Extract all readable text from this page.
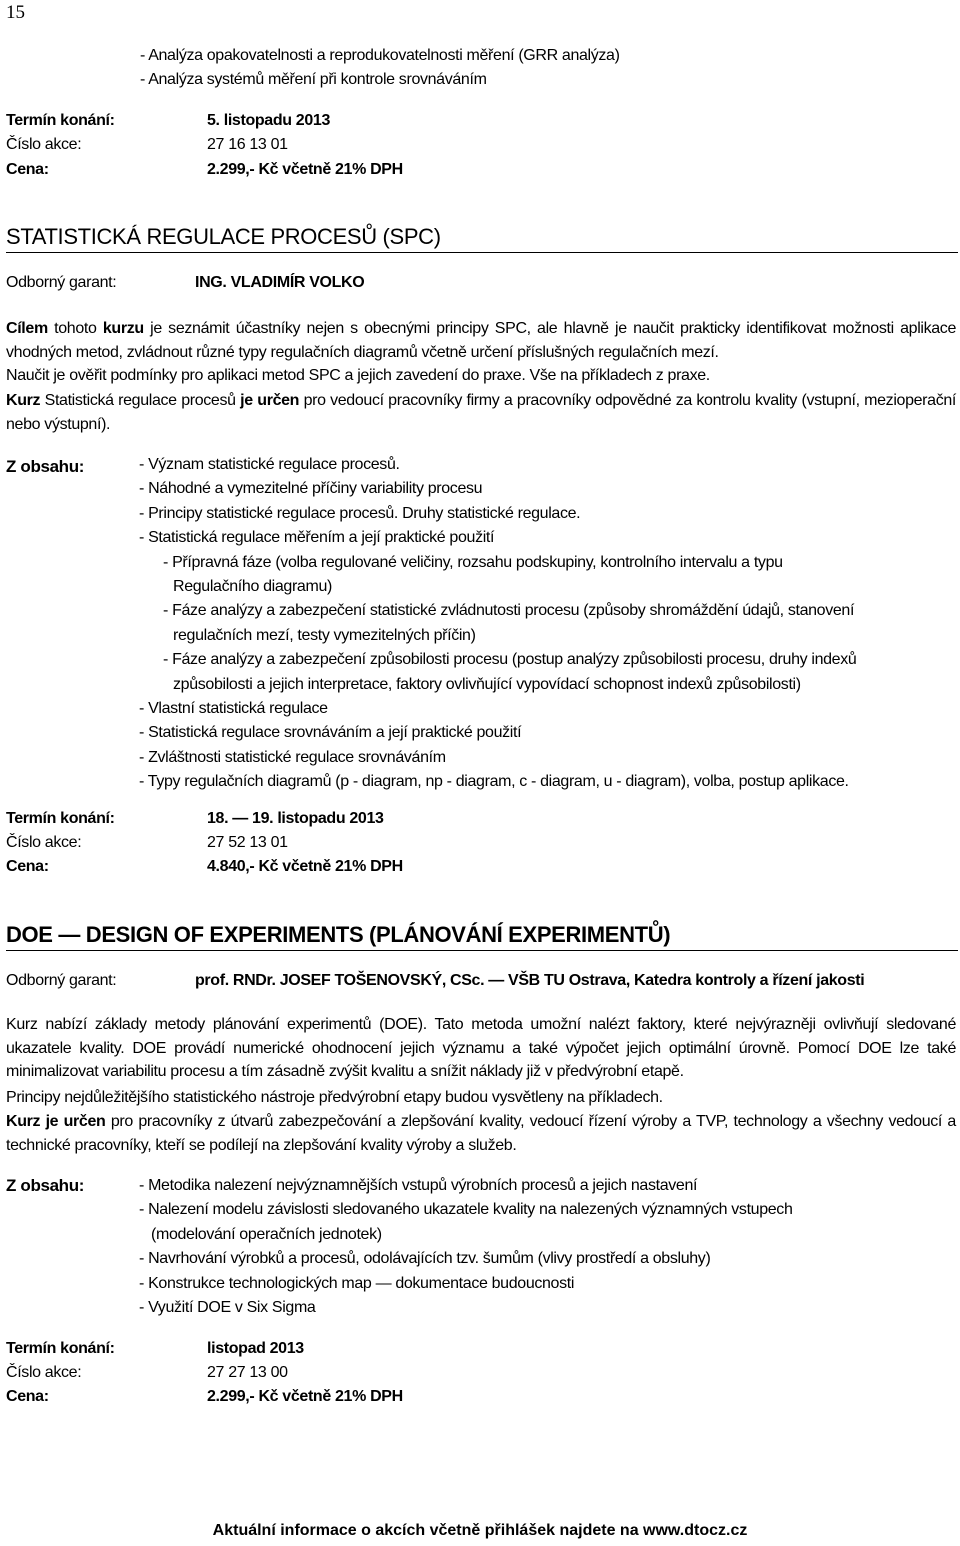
15
- Analýza opakovatelnosti a reprodukovatelnosti měření (GRR analýza)
- Analýza systémů měření při kontrole srovnáváním
Termín konání:	5. listopadu 2013
Číslo akce:	27 16 13 01
Cena:	2.299,- Kč včetně 21% DPH
STATISTICKÁ REGULACE PROCESŮ (SPC)
Odborný garant:	ING. VLADIMÍR VOLKO
Cílem tohoto kurzu je seznámit účastníky nejen s obecnými principy SPC, ale hlavně je naučit prakticky identifikovat možnosti aplikace vhodných metod, zvládnout různé typy regulačních diagramů včetně určení příslušných regulačních mezí.
Naučit je ověřit podmínky pro aplikaci metod SPC a jejich zavedení do praxe. Vše na příkladech z praxe.
Kurz Statistická regulace procesů je určen pro vedoucí pracovníky firmy a pracovníky odpovědné za kontrolu kvality (vstupní, mezioperační nebo výstupní).
Z obsahu:	- Význam statistické regulace procesů.
- Náhodné a vymezitelné příčiny variability procesu
- Principy statistické regulace procesů. Druhy statistické regulace.
- Statistická regulace měřením a její praktické použití
- Přípravná fáze (volba regulované veličiny, rozsahu podskupiny, kontrolního intervalu a typu
Regulačního diagramu)
- Fáze analýzy a zabezpečení statistické zvládnutosti procesu (způsoby shromáždění údajů, stanovení
regulačních mezí, testy vymezitelných příčin)
- Fáze analýzy a zabezpečení způsobilosti procesu (postup analýzy způsobilosti procesu, druhy indexů
způsobilosti a jejich interpretace, faktory ovlivňující vypovídací schopnost indexů způsobilosti)
- Vlastní statistická regulace
- Statistická regulace srovnáváním a její praktické použití
- Zvláštnosti statistické regulace srovnáváním
- Typy regulačních diagramů (p - diagram, np - diagram, c - diagram, u - diagram), volba, postup aplikace.
Termín konání:	18. — 19. listopadu 2013
Číslo akce:	27 52 13 01
Cena:	4.840,- Kč včetně 21% DPH
DOE — DESIGN OF EXPERIMENTS (PLÁNOVÁNÍ EXPERIMENTŮ)
Odborný garant:	prof. RNDr. JOSEF TOŠENOVSKÝ, CSc. — VŠB TU Ostrava, Katedra kontroly a řízení jakosti
Kurz nabízí základy metody plánování experimentů (DOE). Tato metoda umožní nalézt faktory, které nejvýrazněji ovlivňují sledované ukazatele kvality. DOE provádí numerické ohodnocení jejich významu a také výpočet jejich optimální úrovně. Pomocí DOE lze také minimalizovat variabilitu procesu a tím zásadně zvýšit kvalitu a snížit náklady již v předvýrobní etapě.
Principy nejdůležitějšího statistického nástroje předvýrobní etapy budou vysvětleny na příkladech.
Kurz je určen pro pracovníky z útvarů zabezpečování a zlepšování kvality, vedoucí řízení výroby a TVP, technology a všechny vedoucí a technické pracovníky, kteří se podílejí na zlepšování kvality výroby a služeb.
Z obsahu:	- Metodika nalezení nejvýznamnějších vstupů výrobních procesů a jejich nastavení
- Nalezení modelu závislosti sledovaného ukazatele kvality na nalezených významných vstupech
(modelování operačních jednotek)
- Navrhování výrobků a procesů, odolávajících tzv. šumům (vlivy prostředí a obsluhy)
- Konstrukce technologických map — dokumentace budoucnosti
- Využití DOE v Six Sigma
Termín konání:	listopad 2013
Číslo akce:	27 27 13 00
Cena:	2.299,- Kč včetně 21% DPH
Aktuální informace o akcích včetně přihlášek najdete na www.dtocz.cz
